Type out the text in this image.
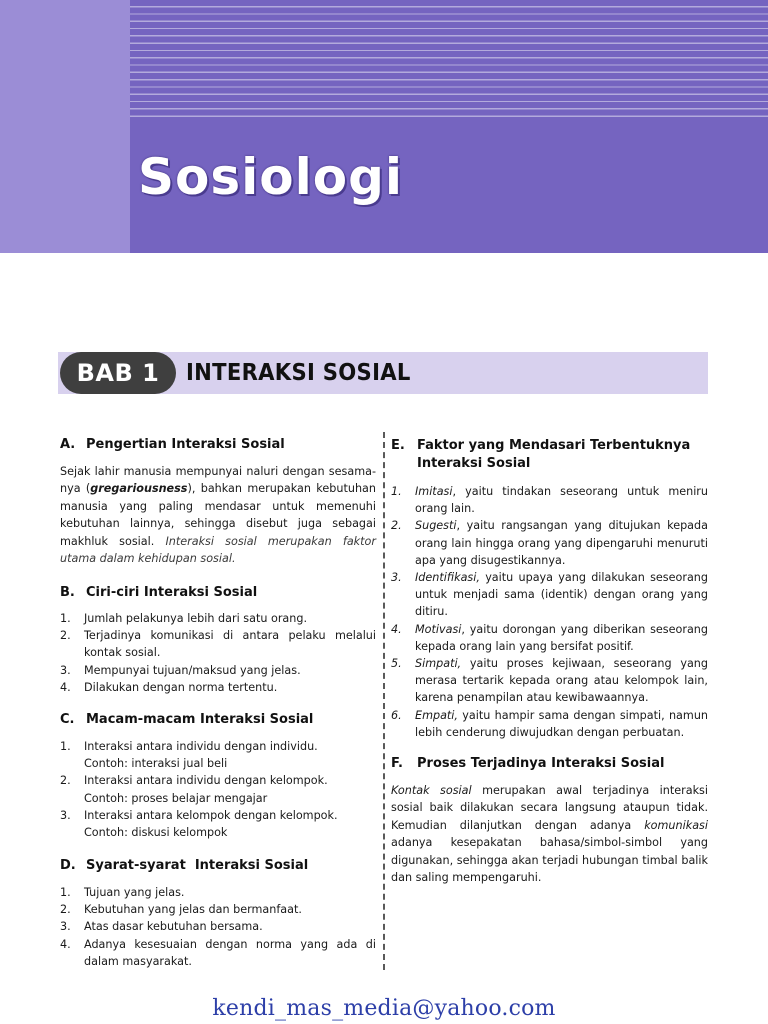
Sosiologi
BAB 1	INTERAKSI SOSIAL
A. Pengertian Interaksi Sosial
Sejak lahir manusia mempunyai naluri dengan sesama-nya (gregariousness), bahkan merupakan kebutuhan manusia yang paling mendasar untuk memenuhi kebutuhan lainnya, sehingga disebut juga sebagai makhluk sosial. Interaksi sosial merupakan faktor utama dalam kehidupan sosial.
B. Ciri-ciri Interaksi Sosial
1. Jumlah pelakunya lebih dari satu orang.
2. Terjadinya komunikasi di antara pelaku melalui kontak sosial.
3. Mempunyai tujuan/maksud yang jelas.
4. Dilakukan dengan norma tertentu.
C. Macam-macam Interaksi Sosial
1. Interaksi antara individu dengan individu.
Contoh: interaksi jual beli
2. Interaksi antara individu dengan kelompok.
Contoh: proses belajar mengajar
3. Interaksi antara kelompok dengan kelompok.
Contoh: diskusi kelompok
D. Syarat-syarat  Interaksi Sosial
1. Tujuan yang jelas.
2. Kebutuhan yang jelas dan bermanfaat.
3. Atas dasar kebutuhan bersama.
4. Adanya kesesuaian dengan norma yang ada di dalam masyarakat.
E. Faktor yang Mendasari Terbentuknya Interaksi Sosial
1. Imitasi, yaitu tindakan seseorang untuk meniru orang lain.
2. Sugesti, yaitu rangsangan yang ditujukan kepada orang lain hingga orang yang dipengaruhi menuruti apa yang disugestikannya.
3. Identifikasi, yaitu upaya yang dilakukan seseorang untuk menjadi sama (identik) dengan orang yang ditiru.
4. Motivasi, yaitu dorongan yang diberikan seseorang kepada orang lain yang bersifat positif.
5. Simpati, yaitu proses kejiwaan, seseorang yang merasa tertarik kepada orang atau kelompok lain, karena penampilan atau kewibawaannya.
6. Empati, yaitu hampir sama dengan simpati, namun lebih cenderung diwujudkan dengan perbuatan.
F. Proses Terjadinya Interaksi Sosial
Kontak sosial merupakan awal terjadinya interaksi sosial baik dilakukan secara langsung ataupun tidak. Kemudian dilanjutkan dengan adanya komunikasi adanya kesepakatan bahasa/simbol-simbol yang digunakan, sehingga akan terjadi hubungan timbal balik dan saling mempengaruhi.
kendi_mas_media@yahoo.com
